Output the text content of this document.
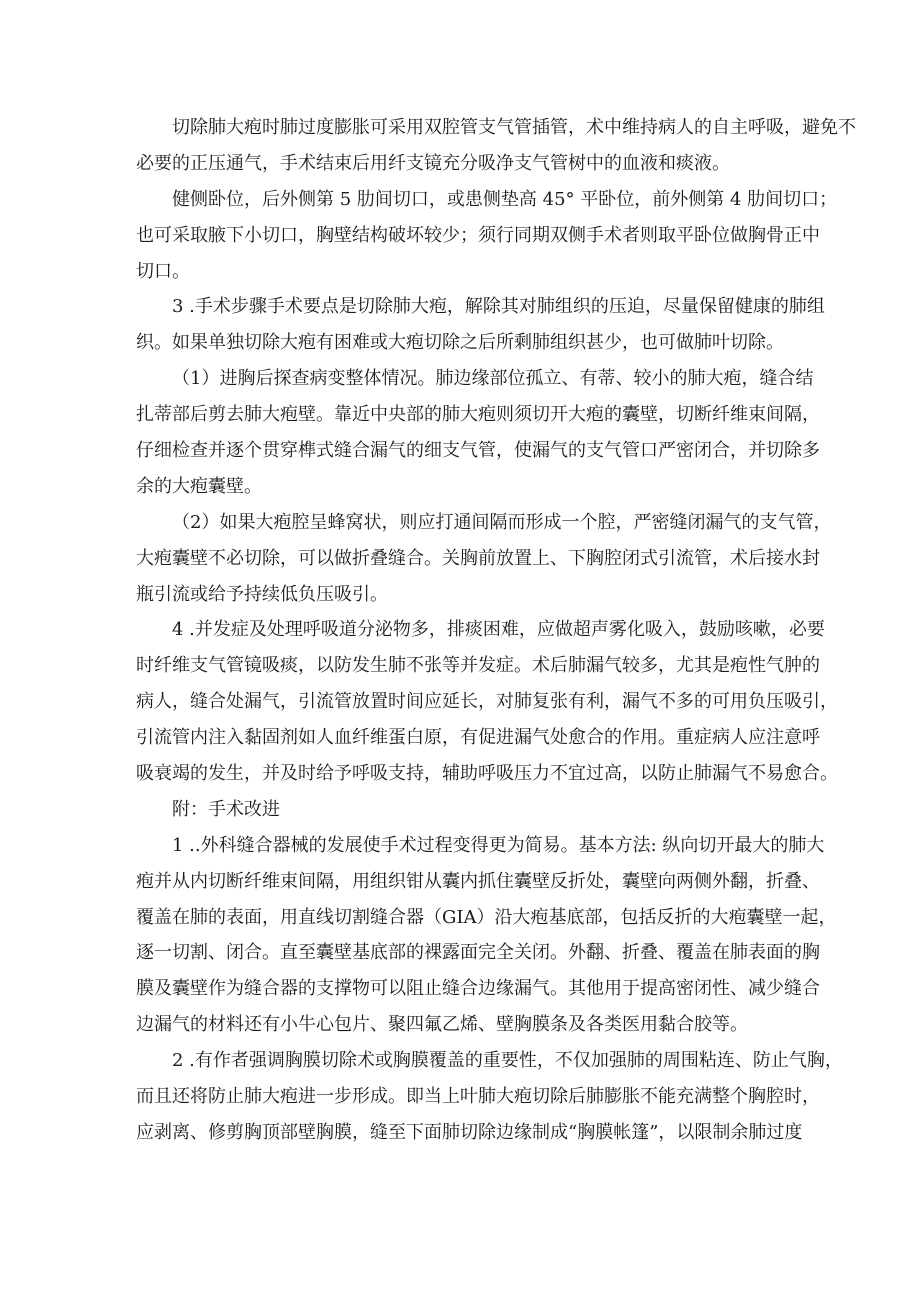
切除肺大疱时肺过度膨胀可采用双腔管支气管插管，术中维持病人的自主呼吸，避免不
必要的正压通气，手术结束后用纤支镜充分吸净支气管树中的血液和痰液。
健侧卧位，后外侧第 5 肋间切口，或患侧垫高 45° 平卧位，前外侧第 4 肋间切口；
也可采取腋下小切口，胸壁结构破坏较少；须行同期双侧手术者则取平卧位做胸骨正中
切口。
3 .手术步骤手术要点是切除肺大疱，解除其对肺组织的压迫，尽量保留健康的肺组
织。如果单独切除大疱有困难或大疱切除之后所剩肺组织甚少，也可做肺叶切除。
（1）进胸后探查病变整体情况。肺边缘部位孤立、有蒂、较小的肺大疱，缝合结
扎蒂部后剪去肺大疱壁。靠近中央部的肺大疱则须切开大疱的囊壁，切断纤维束间隔，
仔细检查并逐个贯穿榫式缝合漏气的细支气管，使漏气的支气管口严密闭合，并切除多
余的大疱囊壁。
（2）如果大疱腔呈蜂窝状，则应打通间隔而形成一个腔，严密缝闭漏气的支气管，
大疱囊壁不必切除，可以做折叠缝合。关胸前放置上、下胸腔闭式引流管，术后接水封
瓶引流或给予持续低负压吸引。
4 .并发症及处理呼吸道分泌物多，排痰困难，应做超声雾化吸入，鼓励咳嗽，必要
时纤维支气管镜吸痰，以防发生肺不张等并发症。术后肺漏气较多，尤其是疱性气肿的
病人，缝合处漏气，引流管放置时间应延长，对肺复张有利，漏气不多的可用负压吸引，
引流管内注入黏固剂如人血纤维蛋白原，有促进漏气处愈合的作用。重症病人应注意呼
吸衰竭的发生，并及时给予呼吸支持，辅助呼吸压力不宜过高，以防止肺漏气不易愈合。
附：手术改进
1 ..外科缝合器械的发展使手术过程变得更为简易。基本方法: 纵向切开最大的肺大
疱并从内切断纤维束间隔，用组织钳从囊内抓住囊壁反折处，囊壁向两侧外翻，折叠、
覆盖在肺的表面，用直线切割缝合器（GIA）沿大疱基底部，包括反折的大疱囊壁一起，
逐一切割、闭合。直至囊壁基底部的裸露面完全关闭。外翻、折叠、覆盖在肺表面的胸
膜及囊壁作为缝合器的支撑物可以阻止缝合边缘漏气。其他用于提高密闭性、减少缝合
边漏气的材料还有小牛心包片、聚四氟乙烯、壁胸膜条及各类医用黏合胶等。
2 .有作者强调胸膜切除术或胸膜覆盖的重要性，不仅加强肺的周围粘连、防止气胸，
而且还将防止肺大疱进一步形成。即当上叶肺大疱切除后肺膨胀不能充满整个胸腔时，
应剥离、修剪胸顶部壁胸膜，缝至下面肺切除边缘制成“胸膜帐篷”，以限制余肺过度
